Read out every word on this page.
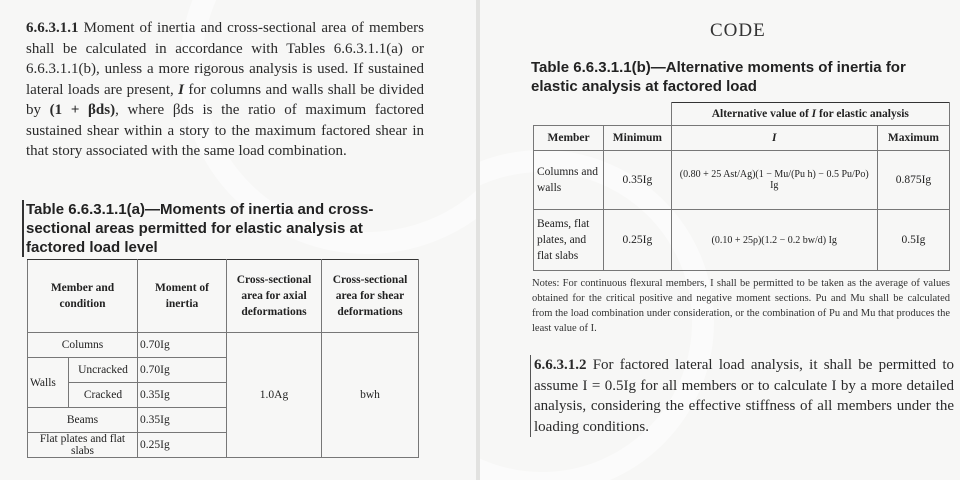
6.6.3.1.1 Moment of inertia and cross-sectional area of members shall be calculated in accordance with Tables 6.6.3.1.1(a) or 6.6.3.1.1(b), unless a more rigorous analysis is used. If sustained lateral loads are present, I for columns and walls shall be divided by (1 + βds), where βds is the ratio of maximum factored sustained shear within a story to the maximum factored shear in that story associated with the same load combination.
Table 6.6.3.1.1(a)—Moments of inertia and cross-sectional areas permitted for elastic analysis at factored load level
Member and condition		Moment of inertia	Cross-sectional area for axial deformations	Cross-sectional area for shear deformations
Columns		0.70Ig	1.0Ag	bwh
Walls	Uncracked	0.70Ig		
	Cracked	0.35Ig		
Beams		0.35Ig		
Flat plates and flat slabs		0.25Ig		
CODE
Table 6.6.3.1.1(b)—Alternative moments of inertia for elastic analysis at factored load
		Alternative value of I for elastic analysis	
Member	Minimum	I	Maximum
Columns and walls	0.35Ig	(0.80 + 25 Ast/Ag)(1 − Mu/(Pu h) − 0.5 Pu/Po) Ig	0.875Ig
Beams, flat plates, and flat slabs	0.25Ig	(0.10 + 25ρ)(1.2 − 0.2 bw/d) Ig	0.5Ig
Notes: For continuous flexural members, I shall be permitted to be taken as the average of values obtained for the critical positive and negative moment sections. Pu and Mu shall be calculated from the load combination under consideration, or the combination of Pu and Mu that produces the least value of I.
6.6.3.1.2 For factored lateral load analysis, it shall be permitted to assume I = 0.5Ig for all members or to calculate I by a more detailed analysis, considering the effective stiffness of all members under the loading conditions.
